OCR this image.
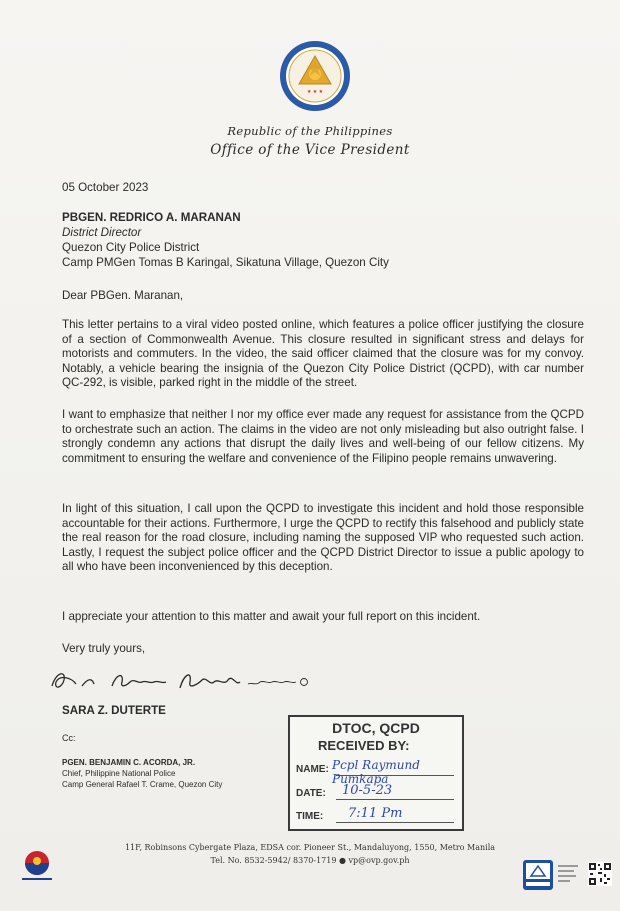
★ ★ ★
Republic of the Philippines
Office of the Vice President
05 October 2023
PBGEN. REDRICO A. MARANAN
District Director
Quezon City Police District
Camp PMGen Tomas B Karingal, Sikatuna Village, Quezon City
Dear PBGen. Maranan,
This letter pertains to a viral video posted online, which features a police officer justifying the closure of a section of Commonwealth Avenue. This closure resulted in significant stress and delays for motorists and commuters. In the video, the said officer claimed that the closure was for my convoy. Notably, a vehicle bearing the insignia of the Quezon City Police District (QCPD), with car number QC-292, is visible, parked right in the middle of the street.
I want to emphasize that neither I nor my office ever made any request for assistance from the QCPD to orchestrate such an action. The claims in the video are not only misleading but also outright false. I strongly condemn any actions that disrupt the daily lives and well-being of our fellow citizens. My commitment to ensuring the welfare and convenience of the Filipino people remains unwavering.
In light of this situation, I call upon the QCPD to investigate this incident and hold those responsible accountable for their actions. Furthermore, I urge the QCPD to rectify this falsehood and publicly state the real reason for the road closure, including naming the supposed VIP who requested such action. Lastly, I request the subject police officer and the QCPD District Director to issue a public apology to all who have been inconvenienced by this deception.
I appreciate your attention to this matter and await your full report on this incident.
Very truly yours,
SARA Z. DUTERTE
Cc:
PGEN. BENJAMIN C. ACORDA, JR.
Chief, Philippine National Police
Camp General Rafael T. Crame, Quezon City
DTOC, QCPD
RECEIVED BY:
NAME: Pcpl Raymund Pumkapa
DATE: 10-5-23
TIME: 7:11 Pm
11F, Robinsons Cybergate Plaza, EDSA cor. Pioneer St., Mandaluyong, 1550, Metro Manila
Tel. No. 8532-5942/ 8370-1719 ● vp@ovp.gov.ph
